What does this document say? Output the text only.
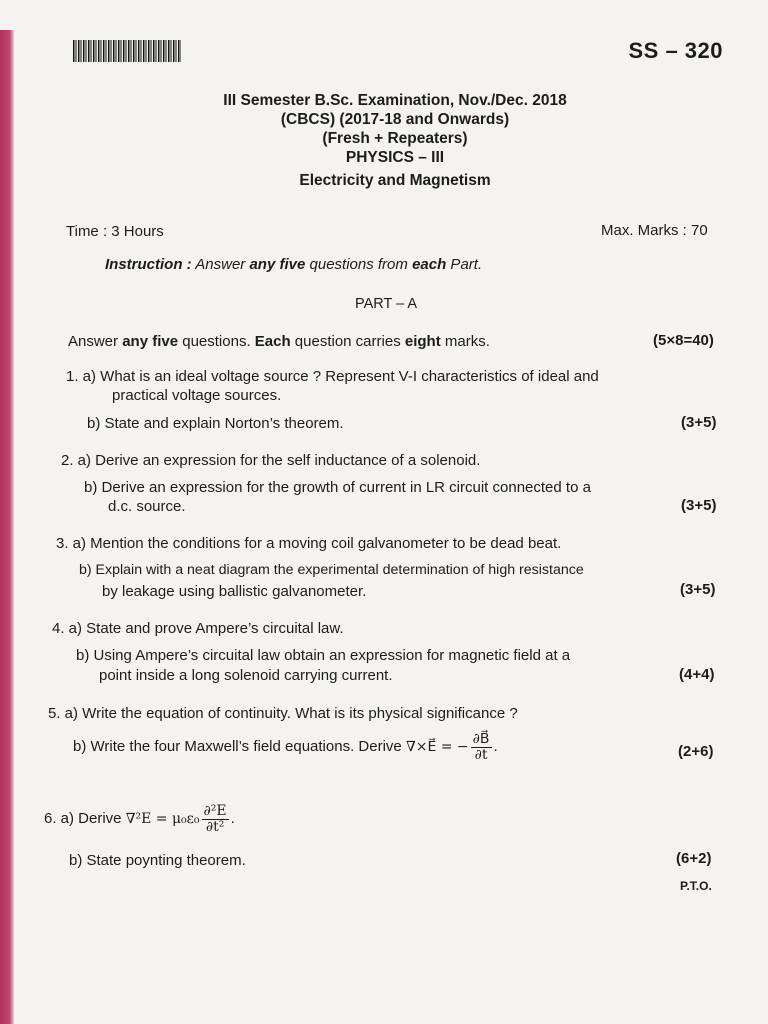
SS – 320
III Semester B.Sc. Examination, Nov./Dec. 2018
(CBCS) (2017-18 and Onwards)
(Fresh + Repeaters)
PHYSICS – III
Electricity and Magnetism
Time : 3 Hours	Max. Marks : 70
Instruction : Answer any five questions from each Part.
PART – A
Answer any five questions. Each question carries eight marks.	(5×8=40)
1. a) What is an ideal voltage source ? Represent V-I characteristics of ideal and
practical voltage sources.
b) State and explain Norton’s theorem.	(3+5)
2. a) Derive an expression for the self inductance of a solenoid.
b) Derive an expression for the growth of current in LR circuit connected to a
d.c. source.	(3+5)
3. a) Mention the conditions for a moving coil galvanometer to be dead beat.
b) Explain with a neat diagram the experimental determination of high resistance
by leakage using ballistic galvanometer.	(3+5)
4. a) State and prove Ampere’s circuital law.
b) Using Ampere’s circuital law obtain an expression for magnetic field at a
point inside a long solenoid carrying current.	(4+4)
5. a) Write the equation of continuity. What is its physical significance ?
b) Write the four Maxwell’s field equations. Derive ∇×E⃗ = − $\frac{\partial B⃗}{\partial t}$ .	(2+6)
6. a) Derive $\nabla^2E = \mu_0\varepsilon_0 \frac{\text{∂²E}}{\text{∂t²}}$ .
b) State poynting theorem.	(6+2)
P.T.O.
